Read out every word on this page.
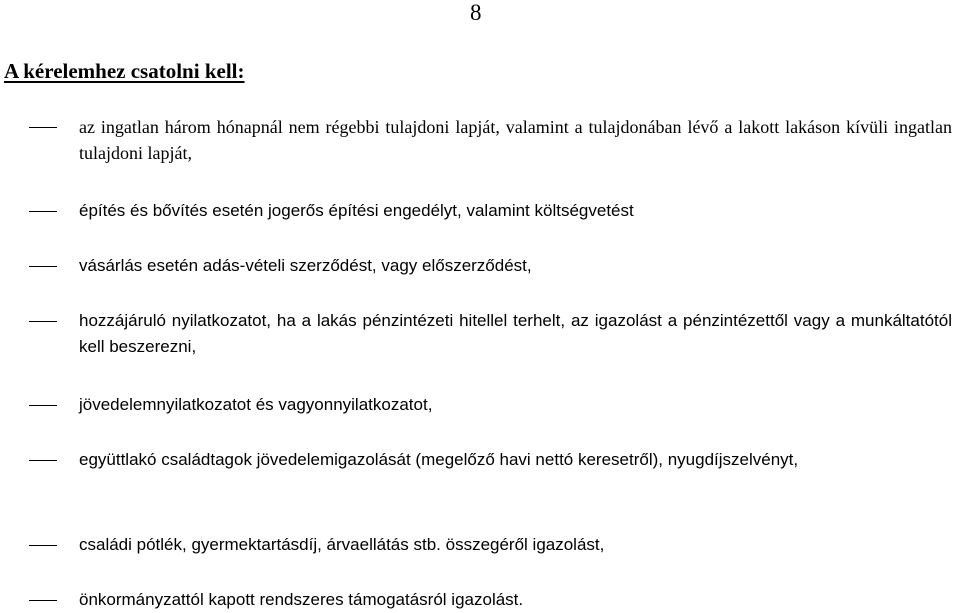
8
A kérelemhez csatolni kell:
az ingatlan három hónapnál nem régebbi tulajdoni lapját, valamint a tulajdonában lévő a lakott lakáson kívüli ingatlan tulajdoni lapját,
építés és bővítés esetén jogerős építési engedélyt, valamint költségvetést
vásárlás esetén adás-vételi szerződést, vagy előszerződést,
hozzájáruló nyilatkozatot, ha a lakás pénzintézeti hitellel terhelt, az igazolást a pénzintézettől vagy a munkáltatótól kell beszerezni,
jövedelemnyilatkozatot és vagyonnyilatkozatot,
együttlakó családtagok jövedelemigazolását (megelőző havi nettó keresetről), nyugdíjszelvényt,
családi pótlék, gyermektartásdíj, árvaellátás stb. összegéről igazolást,
önkormányzattól kapott rendszeres támogatásról igazolást.
